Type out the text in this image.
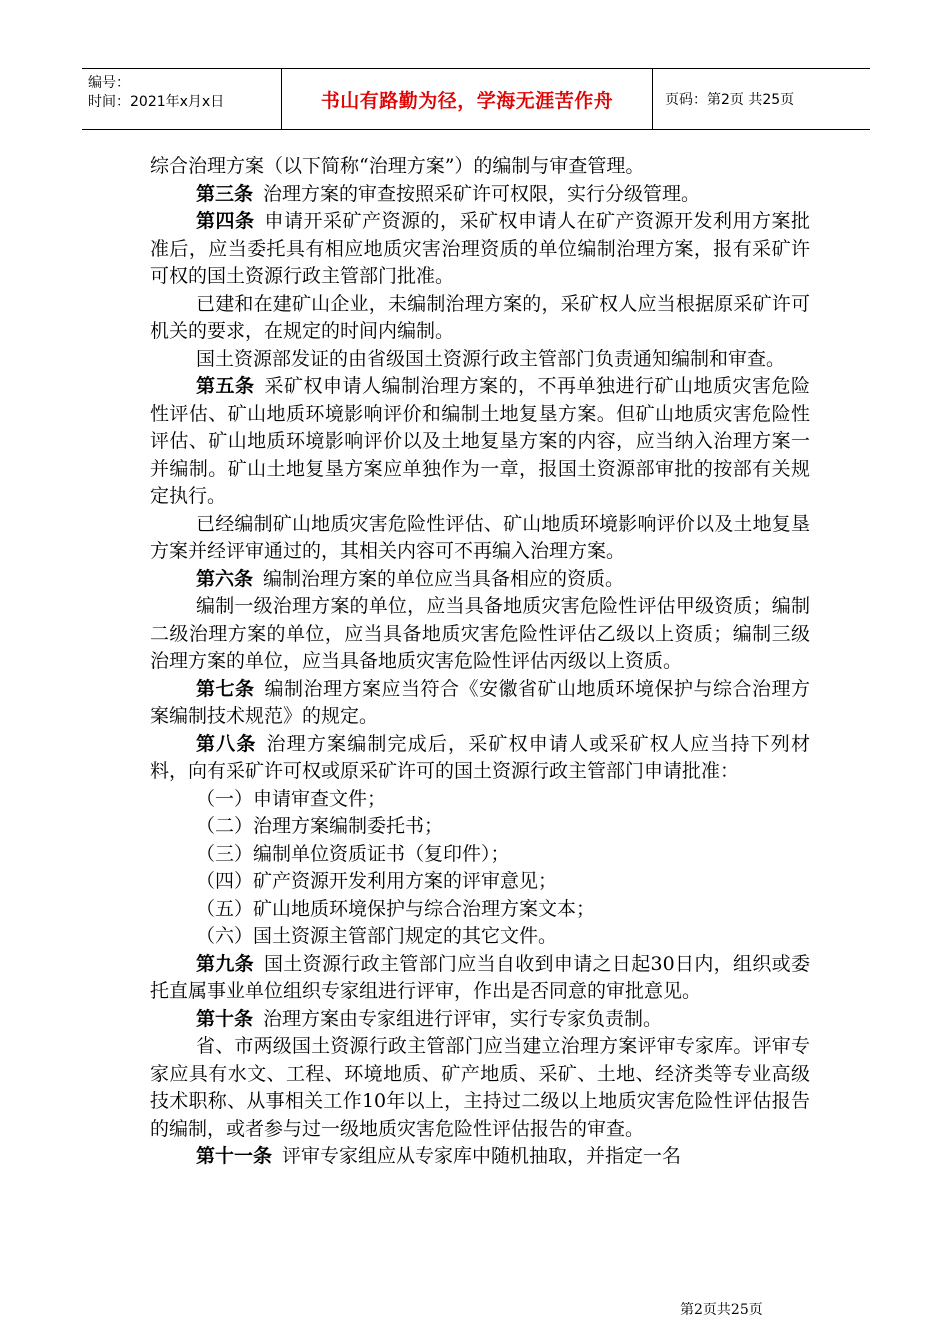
编号：
时间：2021年x月x日	书山有路勤为径，学海无涯苦作舟	页码：第2页 共25页

综合治理方案（以下简称“治理方案”）的编制与审查管理。

第三条 治理方案的审查按照采矿许可权限，实行分级管理。

第四条 申请开采矿产资源的，采矿权申请人在矿产资源开发利用方案批准后，应当委托具有相应地质灾害治理资质的单位编制治理方案，报有采矿许可权的国土资源行政主管部门批准。

已建和在建矿山企业，未编制治理方案的，采矿权人应当根据原采矿许可机关的要求，在规定的时间内编制。

国土资源部发证的由省级国土资源行政主管部门负责通知编制和审查。

第五条 采矿权申请人编制治理方案的，不再单独进行矿山地质灾害危险性评估、矿山地质环境影响评价和编制土地复垦方案。但矿山地质灾害危险性评估、矿山地质环境影响评价以及土地复垦方案的内容，应当纳入治理方案一并编制。矿山土地复垦方案应单独作为一章，报国土资源部审批的按部有关规定执行。

已经编制矿山地质灾害危险性评估、矿山地质环境影响评价以及土地复垦方案并经评审通过的，其相关内容可不再编入治理方案。

第六条 编制治理方案的单位应当具备相应的资质。

编制一级治理方案的单位，应当具备地质灾害危险性评估甲级资质；编制二级治理方案的单位，应当具备地质灾害危险性评估乙级以上资质；编制三级治理方案的单位，应当具备地质灾害危险性评估丙级以上资质。

第七条 编制治理方案应当符合《安徽省矿山地质环境保护与综合治理方案编制技术规范》的规定。

第八条 治理方案编制完成后，采矿权申请人或采矿权人应当持下列材料，向有采矿许可权或原采矿许可的国土资源行政主管部门申请批准：

（一）申请审查文件；

（二）治理方案编制委托书；

（三）编制单位资质证书（复印件）；

（四）矿产资源开发利用方案的评审意见；

（五）矿山地质环境保护与综合治理方案文本；

（六）国土资源主管部门规定的其它文件。

第九条 国土资源行政主管部门应当自收到申请之日起30日内，组织或委托直属事业单位组织专家组进行评审，作出是否同意的审批意见。

第十条 治理方案由专家组进行评审，实行专家负责制。

省、市两级国土资源行政主管部门应当建立治理方案评审专家库。评审专家应具有水文、工程、环境地质、矿产地质、采矿、土地、经济类等专业高级技术职称、从事相关工作10年以上，主持过二级以上地质灾害危险性评估报告的编制，或者参与过一级地质灾害危险性评估报告的审查。

第十一条 评审专家组应从专家库中随机抽取，并指定一名

第2页共25页
